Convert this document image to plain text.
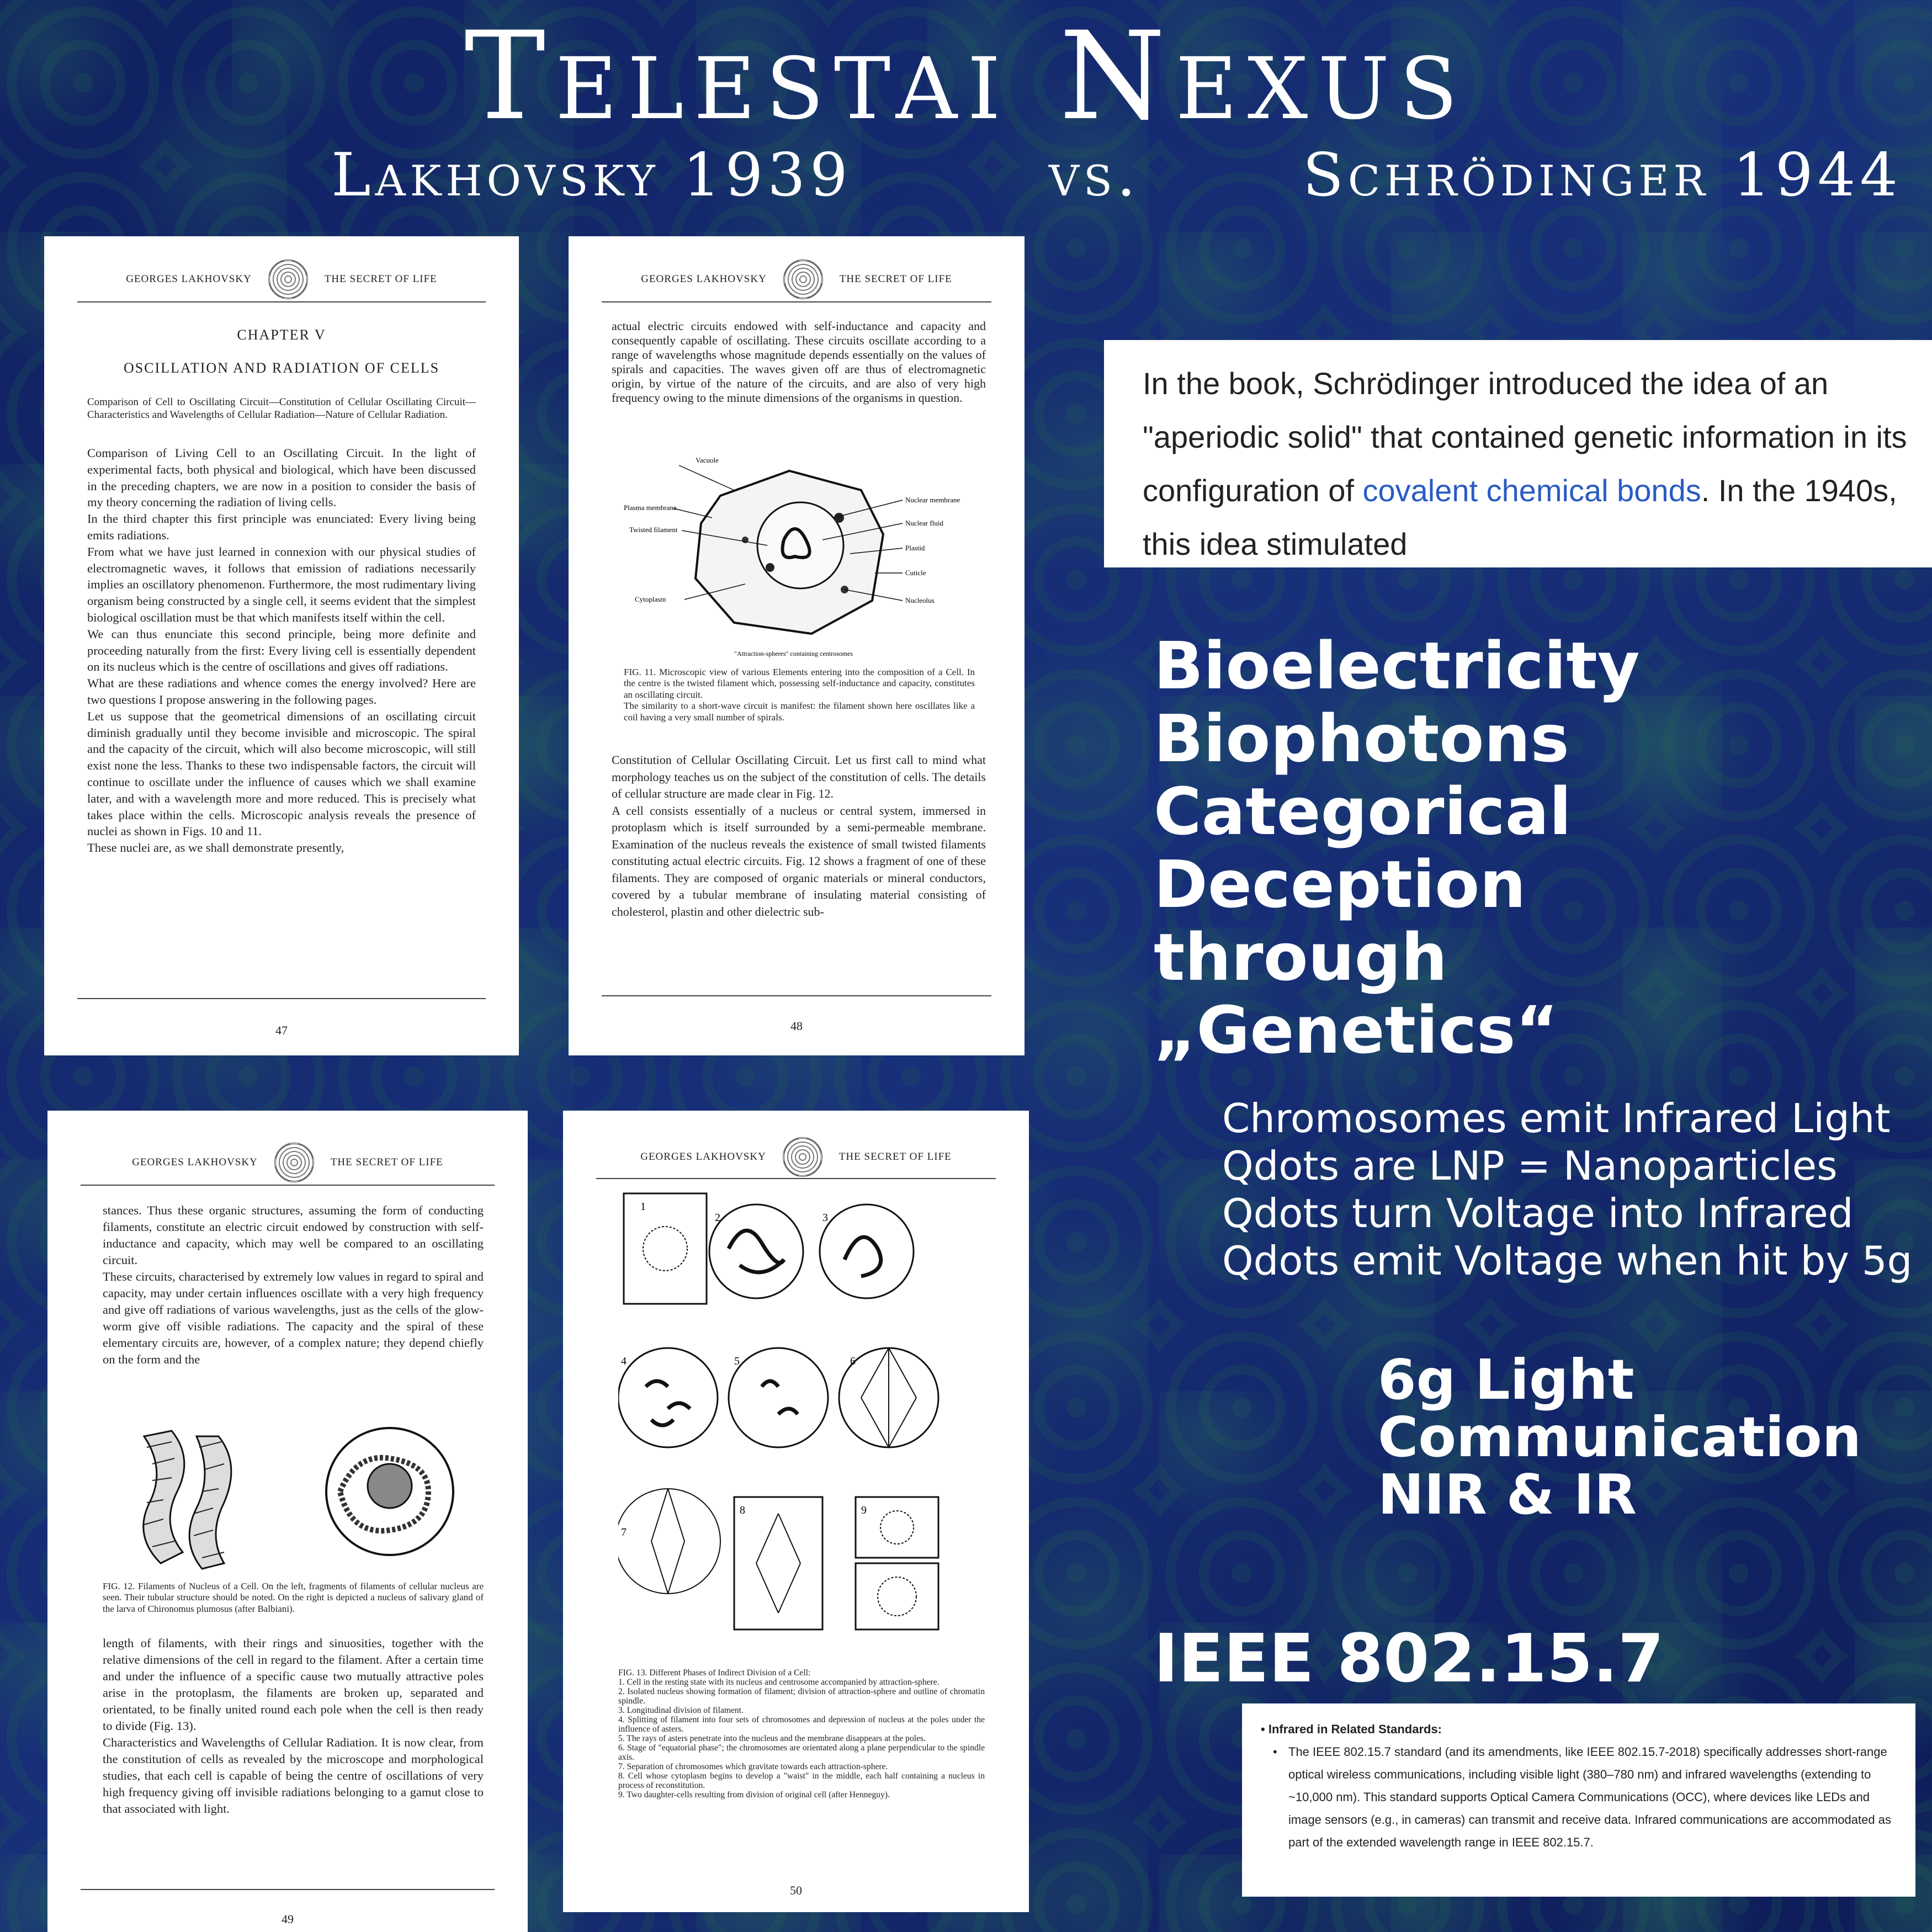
Telestai Nexus
Lakhovsky 1939	vs.	Schrödinger 1944
GEORGES LAKHOVSKY	THE SECRET OF LIFE
CHAPTER V
OSCILLATION AND RADIATION OF CELLS
Comparison of Cell to Oscillating Circuit—Constitution of Cellular Oscillating Circuit—Characteristics and Wavelengths of Cellular Radiation—Nature of Cellular Radiation.
Comparison of Living Cell to an Oscillating Circuit. In the light of experimental facts, both physical and biological, which have been discussed in the preceding chapters, we are now in a position to consider the basis of my theory concerning the radiation of living cells.
In the third chapter this first principle was enunciated: Every living being emits radiations.
From what we have just learned in connexion with our physical studies of electromagnetic waves, it follows that emission of radiations necessarily implies an oscillatory phenomenon. Furthermore, the most rudimentary living organism being constructed by a single cell, it seems evident that the simplest biological oscillation must be that which manifests itself within the cell.
We can thus enunciate this second principle, being more definite and proceeding naturally from the first: Every living cell is essentially dependent on its nucleus which is the centre of oscillations and gives off radiations.
What are these radiations and whence comes the energy involved? Here are two questions I propose answering in the following pages.
Let us suppose that the geometrical dimensions of an oscillating circuit diminish gradually until they become invisible and microscopic. The spiral and the capacity of the circuit, which will also become microscopic, will still exist none the less. Thanks to these two indispensable factors, the circuit will continue to oscillate under the influence of causes which we shall examine later, and with a wavelength more and more reduced. This is precisely what takes place within the cells. Microscopic analysis reveals the presence of nuclei as shown in Figs. 10 and 11.
These nuclei are, as we shall demonstrate presently,
47
GEORGES LAKHOVSKY	THE SECRET OF LIFE
actual electric circuits endowed with self-inductance and capacity and consequently capable of oscillating. These circuits oscillate according to a range of wavelengths whose magnitude depends essentially on the values of spirals and capacities. The waves given off are thus of electromagnetic origin, by virtue of the nature of the circuits, and are also of very high frequency owing to the minute dimensions of the organisms in question.
Vacuole
Plasma membrane
Twisted filament
Cytoplasm
Nuclear membrane
Nuclear fluid
Plastid
Cuticle
Nucleolus
"Attraction-spheres" containing centrosomes
FIG. 11. Microscopic view of various Elements entering into the composition of a Cell. In the centre is the twisted filament which, possessing self-inductance and capacity, constitutes an oscillating circuit.
The similarity to a short-wave circuit is manifest: the filament shown here oscillates like a coil having a very small number of spirals.
Constitution of Cellular Oscillating Circuit. Let us first call to mind what morphology teaches us on the subject of the constitution of cells. The details of cellular structure are made clear in Fig. 12.
A cell consists essentially of a nucleus or central system, immersed in protoplasm which is itself surrounded by a semi-permeable membrane. Examination of the nucleus reveals the existence of small twisted filaments constituting actual electric circuits. Fig. 12 shows a fragment of one of these filaments. They are composed of organic materials or mineral conductors, covered by a tubular membrane of insulating material consisting of cholesterol, plastin and other dielectric sub-
48
GEORGES LAKHOVSKY	THE SECRET OF LIFE
stances. Thus these organic structures, assuming the form of conducting filaments, constitute an electric circuit endowed by construction with self-inductance and capacity, which may well be compared to an oscillating circuit.
These circuits, characterised by extremely low values in regard to spiral and capacity, may under certain influences oscillate with a very high frequency and give off radiations of various wavelengths, just as the cells of the glow-worm give off visible radiations. The capacity and the spiral of these elementary circuits are, however, of a complex nature; they depend chiefly on the form and the
FIG. 12. Filaments of Nucleus of a Cell. On the left, fragments of filaments of cellular nucleus are seen. Their tubular structure should be noted. On the right is depicted a nucleus of salivary gland of the larva of Chironomus plumosus (after Balbiani).
length of filaments, with their rings and sinuosities, together with the relative dimensions of the cell in regard to the filament. After a certain time and under the influence of a specific cause two mutually attractive poles arise in the protoplasm, the filaments are broken up, separated and orientated, to be finally united round each pole when the cell is then ready to divide (Fig. 13).
Characteristics and Wavelengths of Cellular Radiation. It is now clear, from the constitution of cells as revealed by the microscope and morphological studies, that each cell is capable of being the centre of oscillations of very high frequency giving off invisible radiations belonging to a gamut close to that associated with light.
49
GEORGES LAKHOVSKY	THE SECRET OF LIFE
1
2	3
4	5	6
7
8	9
FIG. 13. Different Phases of Indirect Division of a Cell:
1. Cell in the resting state with its nucleus and centrosome accompanied by attraction-sphere.
2. Isolated nucleus showing formation of filament; division of attraction-sphere and outline of chromatin spindle.
3. Longitudinal division of filament.
4. Splitting of filament into four sets of chromosomes and depression of nucleus at the poles under the influence of asters.
5. The rays of asters penetrate into the nucleus and the membrane disappears at the poles.
6. Stage of "equatorial phase"; the chromosomes are orientated along a plane perpendicular to the spindle axis.
7. Separation of chromosomes which gravitate towards each attraction-sphere.
8. Cell whose cytoplasm begins to develop a "waist" in the middle, each half containing a nucleus in process of reconstitution.
9. Two daughter-cells resulting from division of original cell (after Henneguy).
50
In the book, Schrödinger introduced the idea of an "aperiodic solid" that contained genetic information in its configuration of covalent chemical bonds. In the 1940s, this idea stimulated
Bioelectricity
Biophotons
Categorical
Deception
through
„Genetics“
Chromosomes emit Infrared Light
Qdots are LNP = Nanoparticles
Qdots turn Voltage into Infrared
Qdots emit Voltage when hit by 5g
6g Light
Communication
NIR & IR
IEEE 802.15.7
• Infrared in Related Standards:
• The IEEE 802.15.7 standard (and its amendments, like IEEE 802.15.7-2018) specifically addresses short-range optical wireless communications, including visible light (380–780 nm) and infrared wavelengths (extending to ~10,000 nm). This standard supports Optical Camera Communications (OCC), where devices like LEDs and image sensors (e.g., in cameras) can transmit and receive data. Infrared communications are accommodated as part of the extended wavelength range in IEEE 802.15.7.
